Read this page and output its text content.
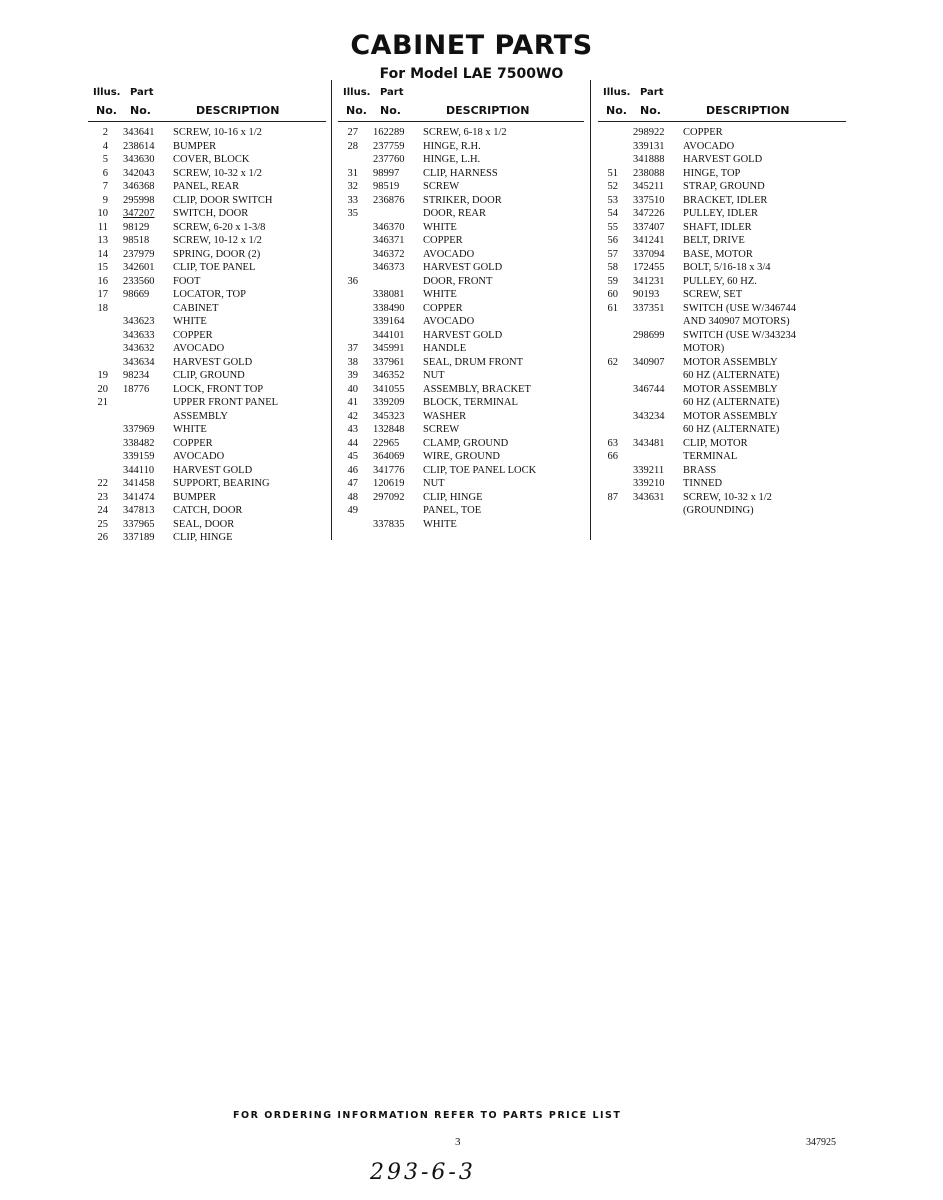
CABINET PARTS
For Model LAE 7500WO
Illus. Part
No. No.	DESCRIPTION
2 343641 SCREW, 10-16 x 1/2
4 238614 BUMPER
5 343630 COVER, BLOCK
6 342043 SCREW, 10-32 x 1/2
7 346368 PANEL, REAR
9 295998 CLIP, DOOR SWITCH
10 347207 SWITCH, DOOR
11 98129 SCREW, 6-20 x 1-3/8
13 98518 SCREW, 10-12 x 1/2
14 237979 SPRING, DOOR (2)
15 342601 CLIP, TOE PANEL
16 233560 FOOT
17 98669 LOCATOR, TOP
18	CABINET
343623 WHITE
343633 COPPER
343632 AVOCADO
343634 HARVEST GOLD
19 98234 CLIP, GROUND
20 18776 LOCK, FRONT TOP
21	UPPER FRONT PANEL
ASSEMBLY
337969 WHITE
338482 COPPER
339159 AVOCADO
344110 HARVEST GOLD
22 341458 SUPPORT, BEARING
23 341474 BUMPER
24 347813 CATCH, DOOR
25 337965 SEAL, DOOR
26 337189 CLIP, HINGE
Illus. Part
No. No.	DESCRIPTION
27 162289 SCREW, 6-18 x 1/2
28 237759 HINGE, R.H.
237760 HINGE, L.H.
31 98997 CLIP, HARNESS
32 98519 SCREW
33 236876 STRIKER, DOOR
35	DOOR, REAR
346370 WHITE
346371 COPPER
346372 AVOCADO
346373 HARVEST GOLD
36	DOOR, FRONT
338081 WHITE
338490 COPPER
339164 AVOCADO
344101 HARVEST GOLD
37 345991 HANDLE
38 337961 SEAL, DRUM FRONT
39 346352 NUT
40 341055 ASSEMBLY, BRACKET
41 339209 BLOCK, TERMINAL
42 345323 WASHER
43 132848 SCREW
44 22965 CLAMP, GROUND
45 364069 WIRE, GROUND
46 341776 CLIP, TOE PANEL LOCK
47 120619 NUT
48 297092 CLIP, HINGE
49	PANEL, TOE
337835 WHITE
Illus. Part
No. No.	DESCRIPTION
298922 COPPER
339131 AVOCADO
341888 HARVEST GOLD
51 238088 HINGE, TOP
52 345211 STRAP, GROUND
53 337510 BRACKET, IDLER
54 347226 PULLEY, IDLER
55 337407 SHAFT, IDLER
56 341241 BELT, DRIVE
57 337094 BASE, MOTOR
58 172455 BOLT, 5/16-18 x 3/4
59 341231 PULLEY, 60 HZ.
60 90193 SCREW, SET
61 337351 SWITCH (USE W/346744
AND 340907 MOTORS)
298699 SWITCH (USE W/343234
MOTOR)
62 340907 MOTOR ASSEMBLY
60 HZ (ALTERNATE)
346744 MOTOR ASSEMBLY
60 HZ (ALTERNATE)
343234 MOTOR ASSEMBLY
60 HZ (ALTERNATE)
63 343481 CLIP, MOTOR
66	TERMINAL
339211 BRASS
339210 TINNED
87 343631 SCREW, 10-32 x 1/2
(GROUNDING)
FOR ORDERING INFORMATION REFER TO PARTS PRICE LIST
3	347925
293-6-3
